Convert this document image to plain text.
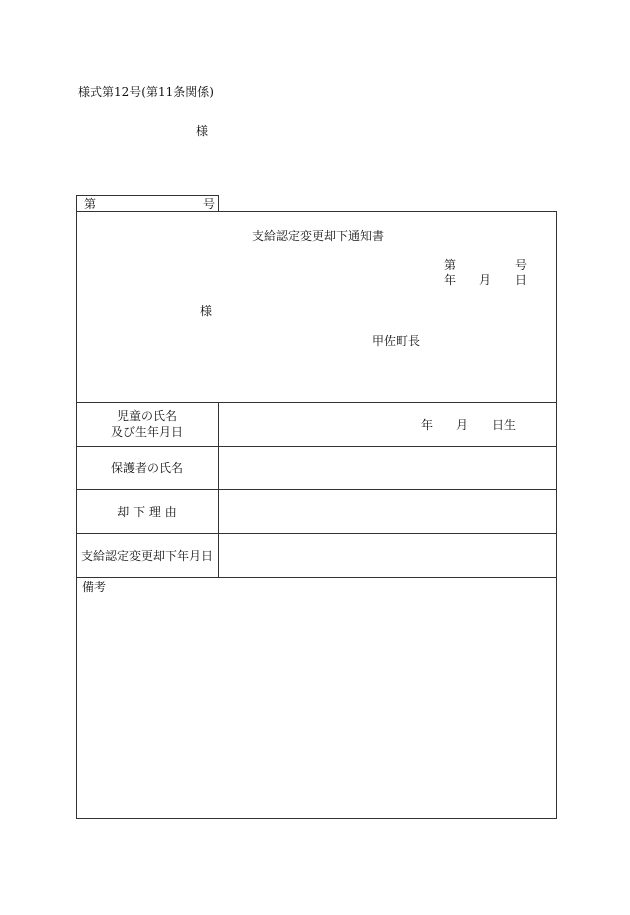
様式第12号(第11条関係)
様
第	号
支給認定変更却下通知書
第	号
年 月 日
様
甲佐町長
児童の氏名
及び生年月日	年 月 日生
保護者の氏名
却 下 理 由
支給認定変更却下年月日
備考
